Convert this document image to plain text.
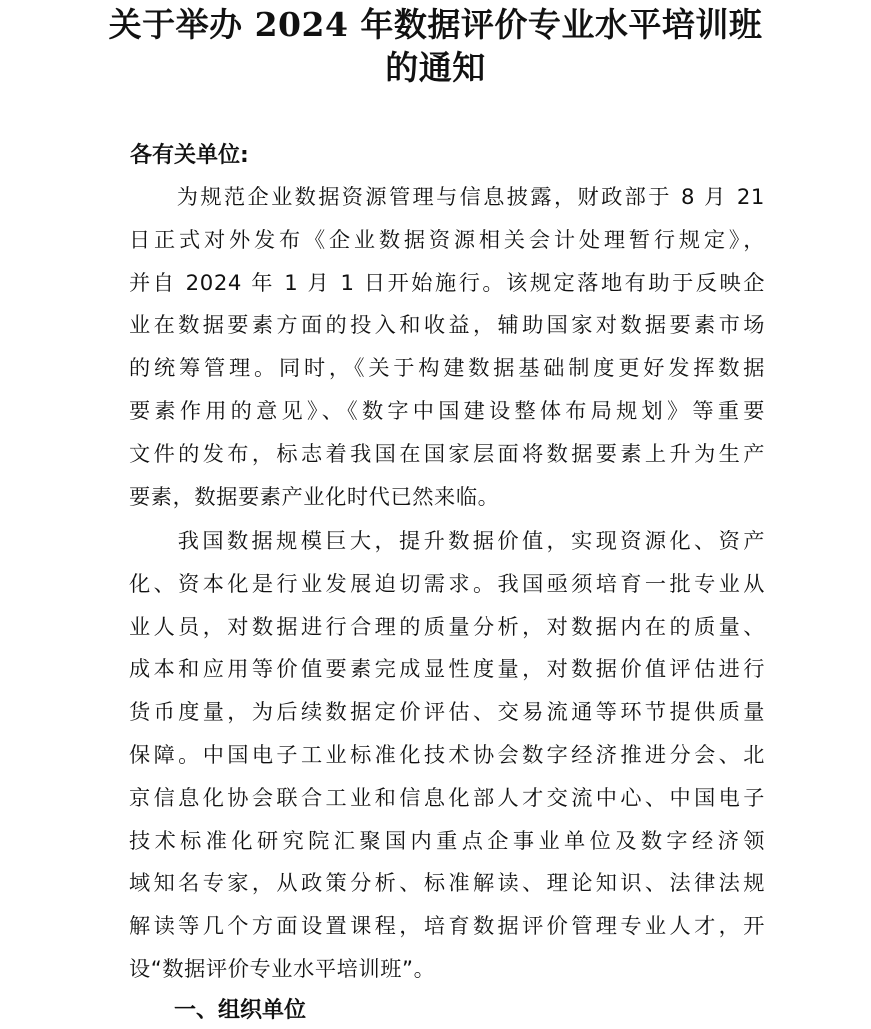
关于举办 2024 年数据评价专业水平培训班
的通知
各有关单位:
为规范企业数据资源管理与信息披露，财政部于 8 月 21
日正式对外发布《企业数据资源相关会计处理暂行规定》，
并自 2024 年 1 月 1 日开始施行。该规定落地有助于反映企
业在数据要素方面的投入和收益，辅助国家对数据要素市场
的统筹管理。同时，《关于构建数据基础制度更好发挥数据
要素作用的意见》、《数字中国建设整体布局规划》等重要
文件的发布，标志着我国在国家层面将数据要素上升为生产
要素，数据要素产业化时代已然来临。
我国数据规模巨大，提升数据价值，实现资源化、资产
化、资本化是行业发展迫切需求。我国亟须培育一批专业从
业人员，对数据进行合理的质量分析，对数据内在的质量、
成本和应用等价值要素完成显性度量，对数据价值评估进行
货币度量，为后续数据定价评估、交易流通等环节提供质量
保障。中国电子工业标准化技术协会数字经济推进分会、北
京信息化协会联合工业和信息化部人才交流中心、中国电子
技术标准化研究院汇聚国内重点企事业单位及数字经济领
域知名专家，从政策分析、标准解读、理论知识、法律法规
解读等几个方面设置课程，培育数据评价管理专业人才，开
设“数据评价专业水平培训班”。
一、组织单位
